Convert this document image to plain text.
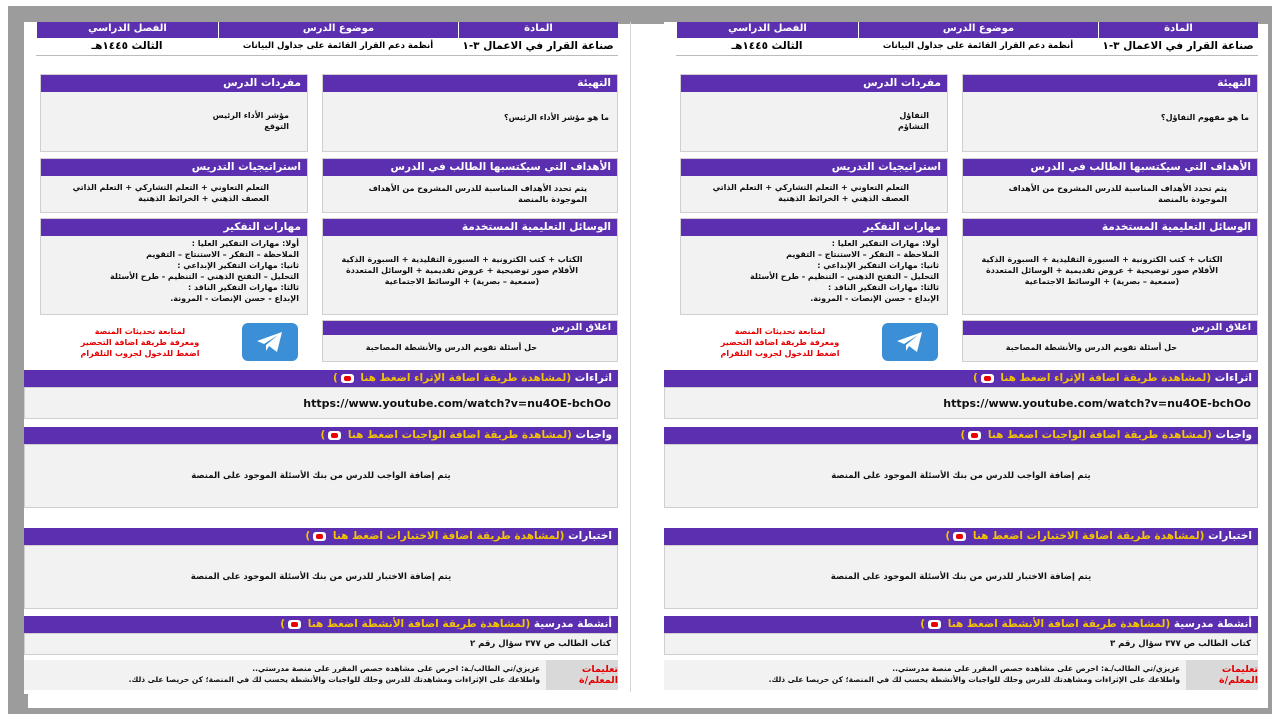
المادة
موضوع الدرس
الفصل الدراسي
صناعة القرار في الاعمال ٣-١
أنظمة دعم القرار القائمة على جداول البيانات
الثالث ١٤٤٥هـ
التهيئة
ما هو مؤشر الأداء الرئيس؟
مفردات الدرس
مؤشر الأداء الرئيس
التوقع
الأهداف التي سيكتسبها الطالب في الدرس
يتم تحدد الأهداف المناسبة للدرس المشروح من الأهداف الموجودة بالمنصة
استراتيجيات التدريس
التعلم التعاوني + التعلم التشاركي + التعلم الذاتي
العصف الذهني + الخرائط الذهنية
الوسائل التعليمية المستخدمة
الكتاب + كتب الكترونية + السبورة التقليدية + السبورة الذكية الأقلام صور توضيحية + عروض تقديمية + الوسائل المتعددة (سمعية – بصرية) + الوسائط الاجتماعية
مهارات التفكير
أولا: مهارات التفكير العليا :
الملاحظة – التفكر – الاستنتاج – التقويم
ثانيا: مهارات التفكير الإبداعي :
التحليل – التفتح الذهني – التنظيم - طرح الأسئلة
ثالثا: مهارات التفكير الناقد :
الإبداع - حسن الإنصات - المرونة.
اغلاق الدرس
حل أسئلة تقويم الدرس والأنشطة المصاحبة
لمتابعة تحديثات المنصة
ومعرفة طريقة اضافة التحضير
اضغط للدخول لجروب التلقرام
اثراءات (لمشاهدة طريقة اضافة الإثراء اضغط هنا )
https://www.youtube.com/watch?v=nu4OE-bchOo
واجبات (لمشاهدة طريقة اضافة الواجبات اضغط هنا )
يتم إضافة الواجب للدرس من بنك الأسئلة الموجود على المنصة
اختبارات (لمشاهدة طريقة اضافة الاختبارات اضغط هنا )
يتم إضافة الاختبار للدرس من بنك الأسئلة الموجود على المنصة
أنشطة مدرسية (لمشاهدة طريقة اضافة الأنشطة اضغط هنا )
كتاب الطالب ص ٣٧٧ سؤال رقم ٢
تعليمات المعلم/ة
عزيزي/تي الطالب/ـة: احرص على مشاهدة حصص المقرر على منصة مدرستي..
واطلاعك على الإثراءات ومشاهدتك للدرس وحلك للواجبات والأنشطة يحسب لك في المنصة؛ كن حريصا على ذلك.
المادة
موضوع الدرس
الفصل الدراسي
صناعة القرار في الاعمال ٣-١
أنظمة دعم القرار القائمة على جداول البيانات
الثالث ١٤٤٥هـ
التهيئة
ما هو مفهوم التفاؤل؟
مفردات الدرس
التفاؤل
التشاؤم
الأهداف التي سيكتسبها الطالب في الدرس
يتم تحدد الأهداف المناسبة للدرس المشروح من الأهداف الموجودة بالمنصة
استراتيجيات التدريس
التعلم التعاوني + التعلم التشاركي + التعلم الذاتي
العصف الذهني + الخرائط الذهنية
الوسائل التعليمية المستخدمة
الكتاب + كتب الكترونية + السبورة التقليدية + السبورة الذكية الأقلام صور توضيحية + عروض تقديمية + الوسائل المتعددة (سمعية – بصرية) + الوسائط الاجتماعية
مهارات التفكير
أولا: مهارات التفكير العليا :
الملاحظة – التفكر – الاستنتاج – التقويم
ثانيا: مهارات التفكير الإبداعي :
التحليل – التفتح الذهني – التنظيم - طرح الأسئلة
ثالثا: مهارات التفكير الناقد :
الإبداع - حسن الإنصات - المرونة.
اغلاق الدرس
حل أسئلة تقويم الدرس والأنشطة المصاحبة
لمتابعة تحديثات المنصة
ومعرفة طريقة اضافة التحضير
اضغط للدخول لجروب التلقرام
اثراءات (لمشاهدة طريقة اضافة الإثراء اضغط هنا )
https://www.youtube.com/watch?v=nu4OE-bchOo
واجبات (لمشاهدة طريقة اضافة الواجبات اضغط هنا )
يتم إضافة الواجب للدرس من بنك الأسئلة الموجود على المنصة
اختبارات (لمشاهدة طريقة اضافة الاختبارات اضغط هنا )
يتم إضافة الاختبار للدرس من بنك الأسئلة الموجود على المنصة
أنشطة مدرسية (لمشاهدة طريقة اضافة الأنشطة اضغط هنا )
كتاب الطالب ص ٣٧٧ سؤال رقم ٣
تعليمات المعلم/ة
عزيزي/تي الطالب/ـة: احرص على مشاهدة حصص المقرر على منصة مدرستي..
واطلاعك على الإثراءات ومشاهدتك للدرس وحلك للواجبات والأنشطة يحسب لك في المنصة؛ كن حريصا على ذلك.
